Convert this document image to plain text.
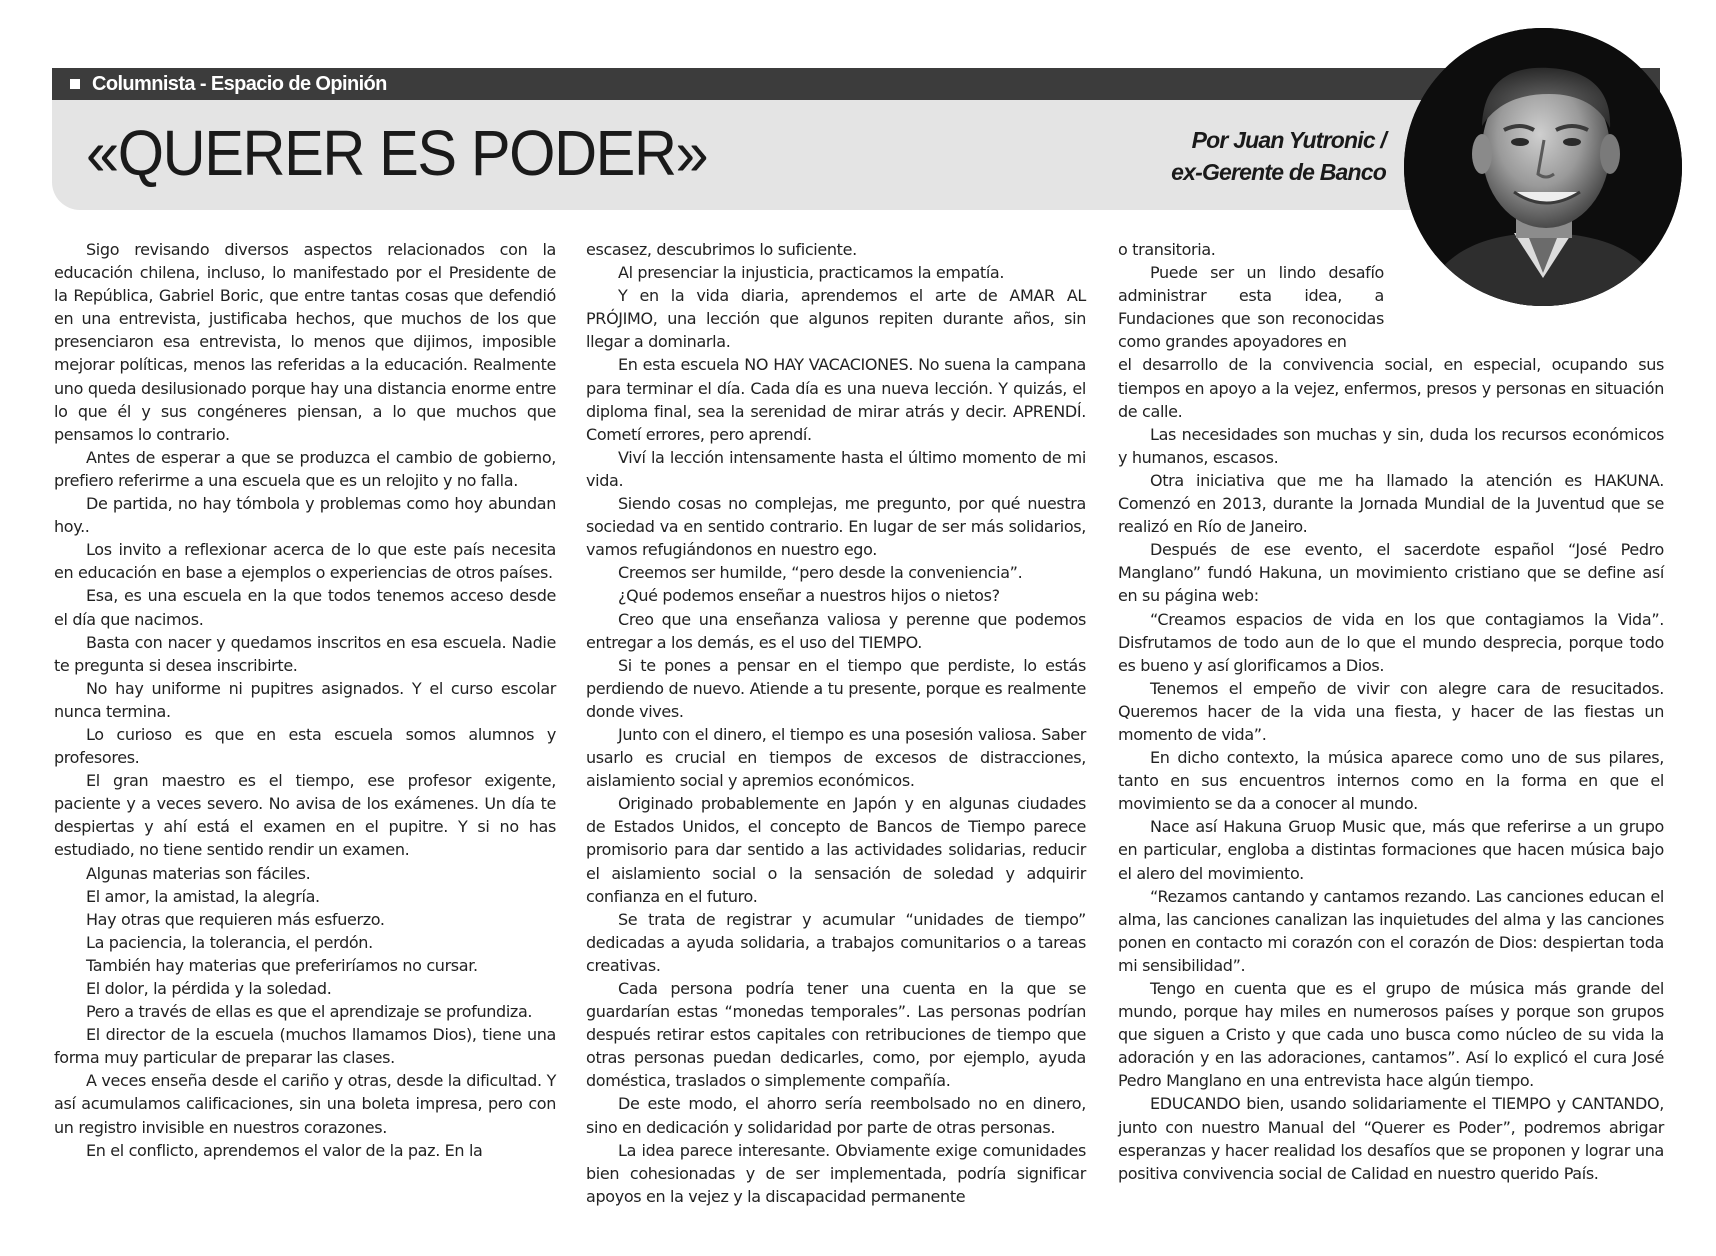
Columnista - Espacio de Opinión
«QUERER ES PODER»	Por Juan Yutronic /
ex-Gerente de Banco

Sigo revisando diversos aspectos relacionados con la educación chilena, incluso, lo manifestado por el Presidente de la República, Gabriel Boric, que entre tantas cosas que defendió en una entrevista, justificaba hechos, que muchos de los que presenciaron esa entrevista, lo menos que dijimos, imposible mejorar políticas, menos las referidas a la educación. Realmente uno queda desilusionado porque hay una distancia enorme entre lo que él y sus congéneres piensan, a lo que muchos que pensamos lo contrario.

Antes de esperar a que se produzca el cambio de gobierno, prefiero referirme a una escuela que es un relojito y no falla.

De partida, no hay tómbola y problemas como hoy abundan hoy..

Los invito a reflexionar acerca de lo que este país necesita en educación en base a ejemplos o experiencias de otros países.

Esa, es una escuela en la que todos tenemos acceso desde el día que nacimos.

Basta con nacer y quedamos inscritos en esa escuela. Nadie te pregunta si desea inscribirte.

No hay uniforme ni pupitres asignados. Y el curso escolar nunca termina.

Lo curioso es que en esta escuela somos alumnos y profesores.

El gran maestro es el tiempo, ese profesor exigente, paciente y a veces severo. No avisa de los exámenes. Un día te despiertas y ahí está el examen en el pupitre. Y si no has estudiado, no tiene sentido rendir un examen.

Algunas materias son fáciles.

El amor, la amistad, la alegría.

Hay otras que requieren más esfuerzo.

La paciencia, la tolerancia, el perdón.

También hay materias que preferiríamos no cursar.

El dolor, la pérdida y la soledad.

Pero a través de ellas es que el aprendizaje se profundiza.

El director de la escuela (muchos llamamos Dios), tiene una forma muy particular de preparar las clases.

A veces enseña desde el cariño y otras, desde la dificultad. Y así acumulamos calificaciones, sin una boleta impresa, pero con un registro invisible en nuestros corazones.

En el conflicto, aprendemos el valor de la paz. En la

escasez, descubrimos lo suficiente.

Al presenciar la injusticia, practicamos la empatía.

Y en la vida diaria, aprendemos el arte de AMAR AL PRÓJIMO, una lección que algunos repiten durante años, sin llegar a dominarla.

En esta escuela NO HAY VACACIONES. No suena la campana para terminar el día. Cada día es una nueva lección. Y quizás, el diploma final, sea la serenidad de mirar atrás y decir. APRENDÍ. Cometí errores, pero aprendí.

Viví la lección intensamente hasta el último momento de mi vida.

Siendo cosas no complejas, me pregunto, por qué nuestra sociedad va en sentido contrario. En lugar de ser más solidarios, vamos refugiándonos en nuestro ego.

Creemos ser humilde, “pero desde la conveniencia”.

¿Qué podemos enseñar a nuestros hijos o nietos?

Creo que una enseñanza valiosa y perenne que podemos entregar a los demás, es el uso del TIEMPO.

Si te pones a pensar en el tiempo que perdiste, lo estás perdiendo de nuevo. Atiende a tu presente, porque es realmente donde vives.

Junto con el dinero, el tiempo es una posesión valiosa. Saber usarlo es crucial en tiempos de excesos de distracciones, aislamiento social y apremios económicos.

Originado probablemente en Japón y en algunas ciudades de Estados Unidos, el concepto de Bancos de Tiempo parece promisorio para dar sentido a las actividades solidarias, reducir el aislamiento social o la sensación de soledad y adquirir confianza en el futuro.

Se trata de registrar y acumular “unidades de tiempo” dedicadas a ayuda solidaria, a trabajos comunitarios o a tareas creativas.

Cada persona podría tener una cuenta en la que se guardarían estas “monedas temporales”. Las personas podrían después retirar estos capitales con retribuciones de tiempo que otras personas puedan dedicarles, como, por ejemplo, ayuda doméstica, traslados o simplemente compañía.

De este modo, el ahorro sería reembolsado no en dinero, sino en dedicación y solidaridad por parte de otras personas.

La idea parece interesante. Obviamente exige comunidades bien cohesionadas y de ser implementada, podría significar apoyos en la vejez y la discapacidad permanente

o transitoria.

Puede ser un lindo desafío administrar esta idea, a Fundaciones que son reconocidas como grandes apoyadores en

el desarrollo de la convivencia social, en especial, ocupando sus tiempos en apoyo a la vejez, enfermos, presos y personas en situación de calle.

Las necesidades son muchas y sin, duda los recursos económicos y humanos, escasos.

Otra iniciativa que me ha llamado la atención es HAKUNA. Comenzó en 2013, durante la Jornada Mundial de la Juventud que se realizó en Río de Janeiro.

Después de ese evento, el sacerdote español “José Pedro Manglano” fundó Hakuna, un movimiento cristiano que se define así en su página web:

“Creamos espacios de vida en los que contagiamos la Vida”. Disfrutamos de todo aun de lo que el mundo desprecia, porque todo es bueno y así glorificamos a Dios.

Tenemos el empeño de vivir con alegre cara de resucitados. Queremos hacer de la vida una fiesta, y hacer de las fiestas un momento de vida”.

En dicho contexto, la música aparece como uno de sus pilares, tanto en sus encuentros internos como en la forma en que el movimiento se da a conocer al mundo.

Nace así Hakuna Gruop Music que, más que referirse a un grupo en particular, engloba a distintas formaciones que hacen música bajo el alero del movimiento.

“Rezamos cantando y cantamos rezando. Las canciones educan el alma, las canciones canalizan las inquietudes del alma y las canciones ponen en contacto mi corazón con el corazón de Dios: despiertan toda mi sensibilidad”.

Tengo en cuenta que es el grupo de música más grande del mundo, porque hay miles en numerosos países y porque son grupos que siguen a Cristo y que cada uno busca como núcleo de su vida la adoración y en las adoraciones, cantamos”. Así lo explicó el cura José Pedro Manglano en una entrevista hace algún tiempo.

EDUCANDO bien, usando solidariamente el TIEMPO y CANTANDO, junto con nuestro Manual del “Querer es Poder”, podremos abrigar esperanzas y hacer realidad los desafíos que se proponen y lograr una positiva convivencia social de Calidad en nuestro querido País.
